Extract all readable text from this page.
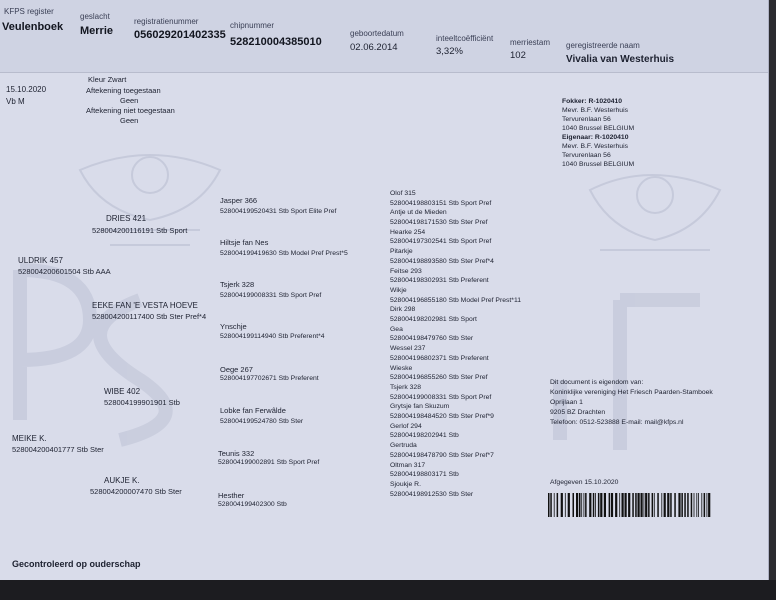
KFPS register
Veulenboek
geslacht
Merrie
registratienummer
056029201402335
chipnummer
528210004385010
geboortedatum
02.06.2014
inteeltcoëfficiënt
3,32%
merriestam
102
geregistreerde naam
Vivalia van Westerhuis
15.10.2020
Vb M
Kleur Zwart
Aftekening toegestaan
Geen
Aftekening niet toegestaan
Geen
Fokker: R-1020410
Mevr. B.F. Westerhuis
Tervurenlaan 56
1040 Brussel BELGIUM
Eigenaar: R-1020410
Mevr. B.F. Westerhuis
Tervurenlaan 56
1040 Brussel BELGIUM
ULDRIK 457
528004200601504 Stb AAA
MEIKE K.
528004200401777 Stb Ster
DRIES 421
528004200116191 Stb Sport
EEKE FAN 'E VESTA HOEVE
528004200117400 Stb Ster Pref*4
WIBE 402
528004199901901 Stb
AUKJE K.
528004200007470 Stb Ster
Jasper 366
528004199520431 Stb Sport Elite Pref
Hiltsje fan Nes
528004199419630 Stb Model Pref Prest*5
Tsjerk 328
528004199008331 Stb Sport Pref
Ynschje
528004199114940 Stb Preferent*4
Oege 267
528004197702671 Stb Preferent
Lobke fan Ferwâlde
528004199524780 Stb Ster
Teunis 332
528004199002891 Stb Sport Pref
Hesther
528004199402300 Stb
Olof 315
528004198803151 Stb Sport Pref
Antje ut de Mieden
528004198171530 Stb Ster Pref
Hearke 254
528004197302541 Stb Sport Pref
Pitarkje
528004198893580 Stb Ster Pref*4
Feitse 293
528004198302931 Stb Preferent
Wikje
528004196855180 Stb Model Pref Prest*11
Dirk 298
528004198202981 Stb Sport
Gea
528004198479760 Stb Ster
Wessel 237
528004196802371 Stb Preferent
Wieske
528004196855260 Stb Ster Pref
Tsjerk 328
528004199008331 Stb Sport Pref
Grytsje fan Skuzum
528004198484520 Stb Ster Pref*9
Gerlof 294
528004198202941 Stb
Gertruda
528004198478790 Stb Ster Pref*7
Oltman 317
528004198803171 Stb
Sjoukje R.
528004198912530 Stb Ster
Dit document is eigendom van:
Koninklijke vereniging Het Friesch Paarden-Stamboek
Oprijlaan 1
9205 BZ Drachten
Telefoon: 0512-523888 E-mail: mail@kfps.nl
Afgegeven 15.10.2020
Gecontroleerd op ouderschap
